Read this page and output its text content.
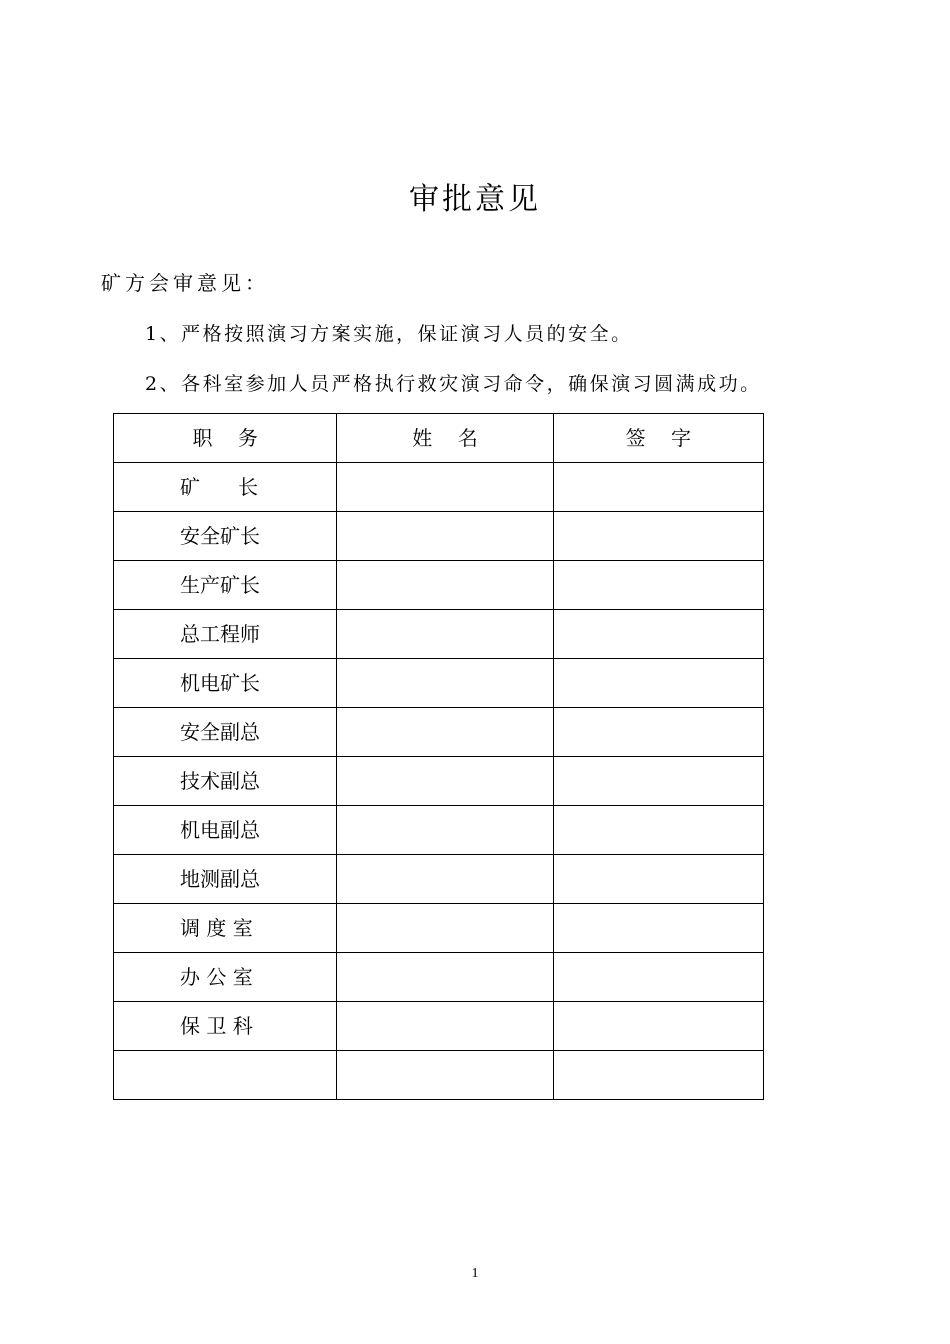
审批意见
矿方会审意见：
1、严格按照演习方案实施，保证演习人员的安全。
2、各科室参加人员严格执行救灾演习命令，确保演习圆满成功。
职    务	姓    名	签    字
矿      长		
安全矿长		
生产矿长		
总工程师		
机电矿长		
安全副总		
技术副总		
机电副总		
地测副总		
调 度 室		
办 公 室		
保 卫 科		

1
